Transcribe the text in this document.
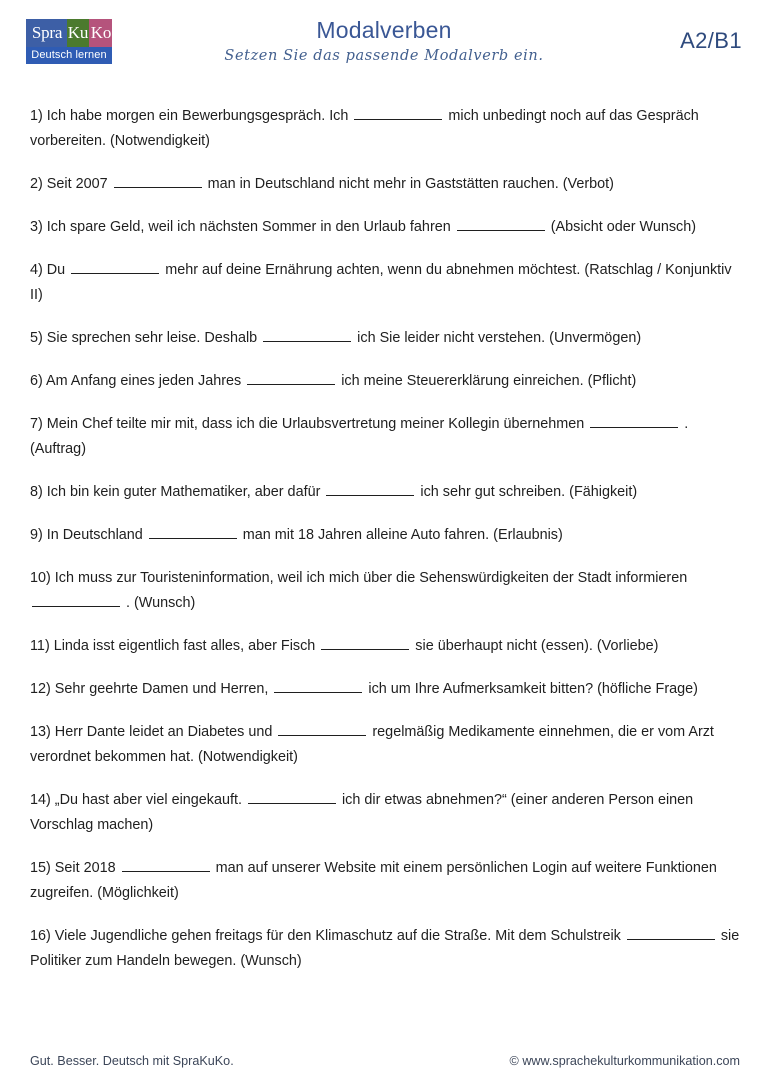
Spra Ku Ko
Deutsch lernen
Modalverben
Setzen Sie das passende Modalverb ein.
A2/B1
1) Ich habe morgen ein Bewerbungsgespräch. Ich	mich unbedingt noch auf das Gespräch vorbereiten. (Notwendigkeit)
2) Seit 2007	man in Deutschland nicht mehr in Gaststätten rauchen. (Verbot)
3) Ich spare Geld, weil ich nächsten Sommer in den Urlaub fahren	(Absicht oder Wunsch)
4) Du	mehr auf deine Ernährung achten, wenn du abnehmen möchtest. (Ratschlag / Konjunktiv II)
5) Sie sprechen sehr leise. Deshalb	ich Sie leider nicht verstehen. (Unvermögen)
6) Am Anfang eines jeden Jahres	ich meine Steuererklärung einreichen. (Pflicht)
7) Mein Chef teilte mir mit, dass ich die Urlaubsvertretung meiner Kollegin übernehmen	. (Auftrag)
8) Ich bin kein guter Mathematiker, aber dafür	ich sehr gut schreiben. (Fähigkeit)
9) In Deutschland	man mit 18 Jahren alleine Auto fahren. (Erlaubnis)
10) Ich muss zur Touristeninformation, weil ich mich über die Sehenswürdigkeiten der Stadt informieren  . (Wunsch)
11) Linda isst eigentlich fast alles, aber Fisch	sie überhaupt nicht (essen). (Vorliebe)
12) Sehr geehrte Damen und Herren,	ich um Ihre Aufmerksamkeit bitten? (höfliche Frage)
13) Herr Dante leidet an Diabetes und	regelmäßig Medikamente einnehmen, die er vom Arzt verordnet bekommen hat. (Notwendigkeit)
14) „Du hast aber viel eingekauft.	ich dir etwas abnehmen?“ (einer anderen Person einen Vorschlag machen)
15) Seit 2018	man auf unserer Website mit einem persönlichen Login auf weitere Funktionen zugreifen. (Möglichkeit)
16) Viele Jugendliche gehen freitags für den Klimaschutz auf die Straße. Mit dem Schulstreik	sie Politiker zum Handeln bewegen. (Wunsch)
Gut. Besser. Deutsch mit SpraKuKo.	© www.sprachekulturkommunikation.com
